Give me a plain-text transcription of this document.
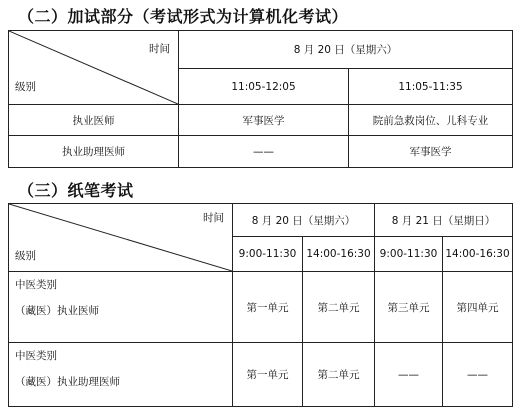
（二）加试部分（考试形式为计算机化考试）
时间
级别	8 月 20 日（星期六）	
	11:05-12:05	11:05-11:35
执业医师	军事医学	院前急救岗位、儿科专业
执业助理医师	——	军事医学
（三）纸笔考试
时间
级别	8 月 20 日（星期六）		8 月 21 日（星期日）	
	9:00-11:30	14:00-16:30	9:00-11:30	14:00-16:30

中医类别
（藏医）执业医师	第一单元	第二单元	第三单元	第四单元

中医类别
（藏医）执业助理医师	第一单元	第二单元	——	——
